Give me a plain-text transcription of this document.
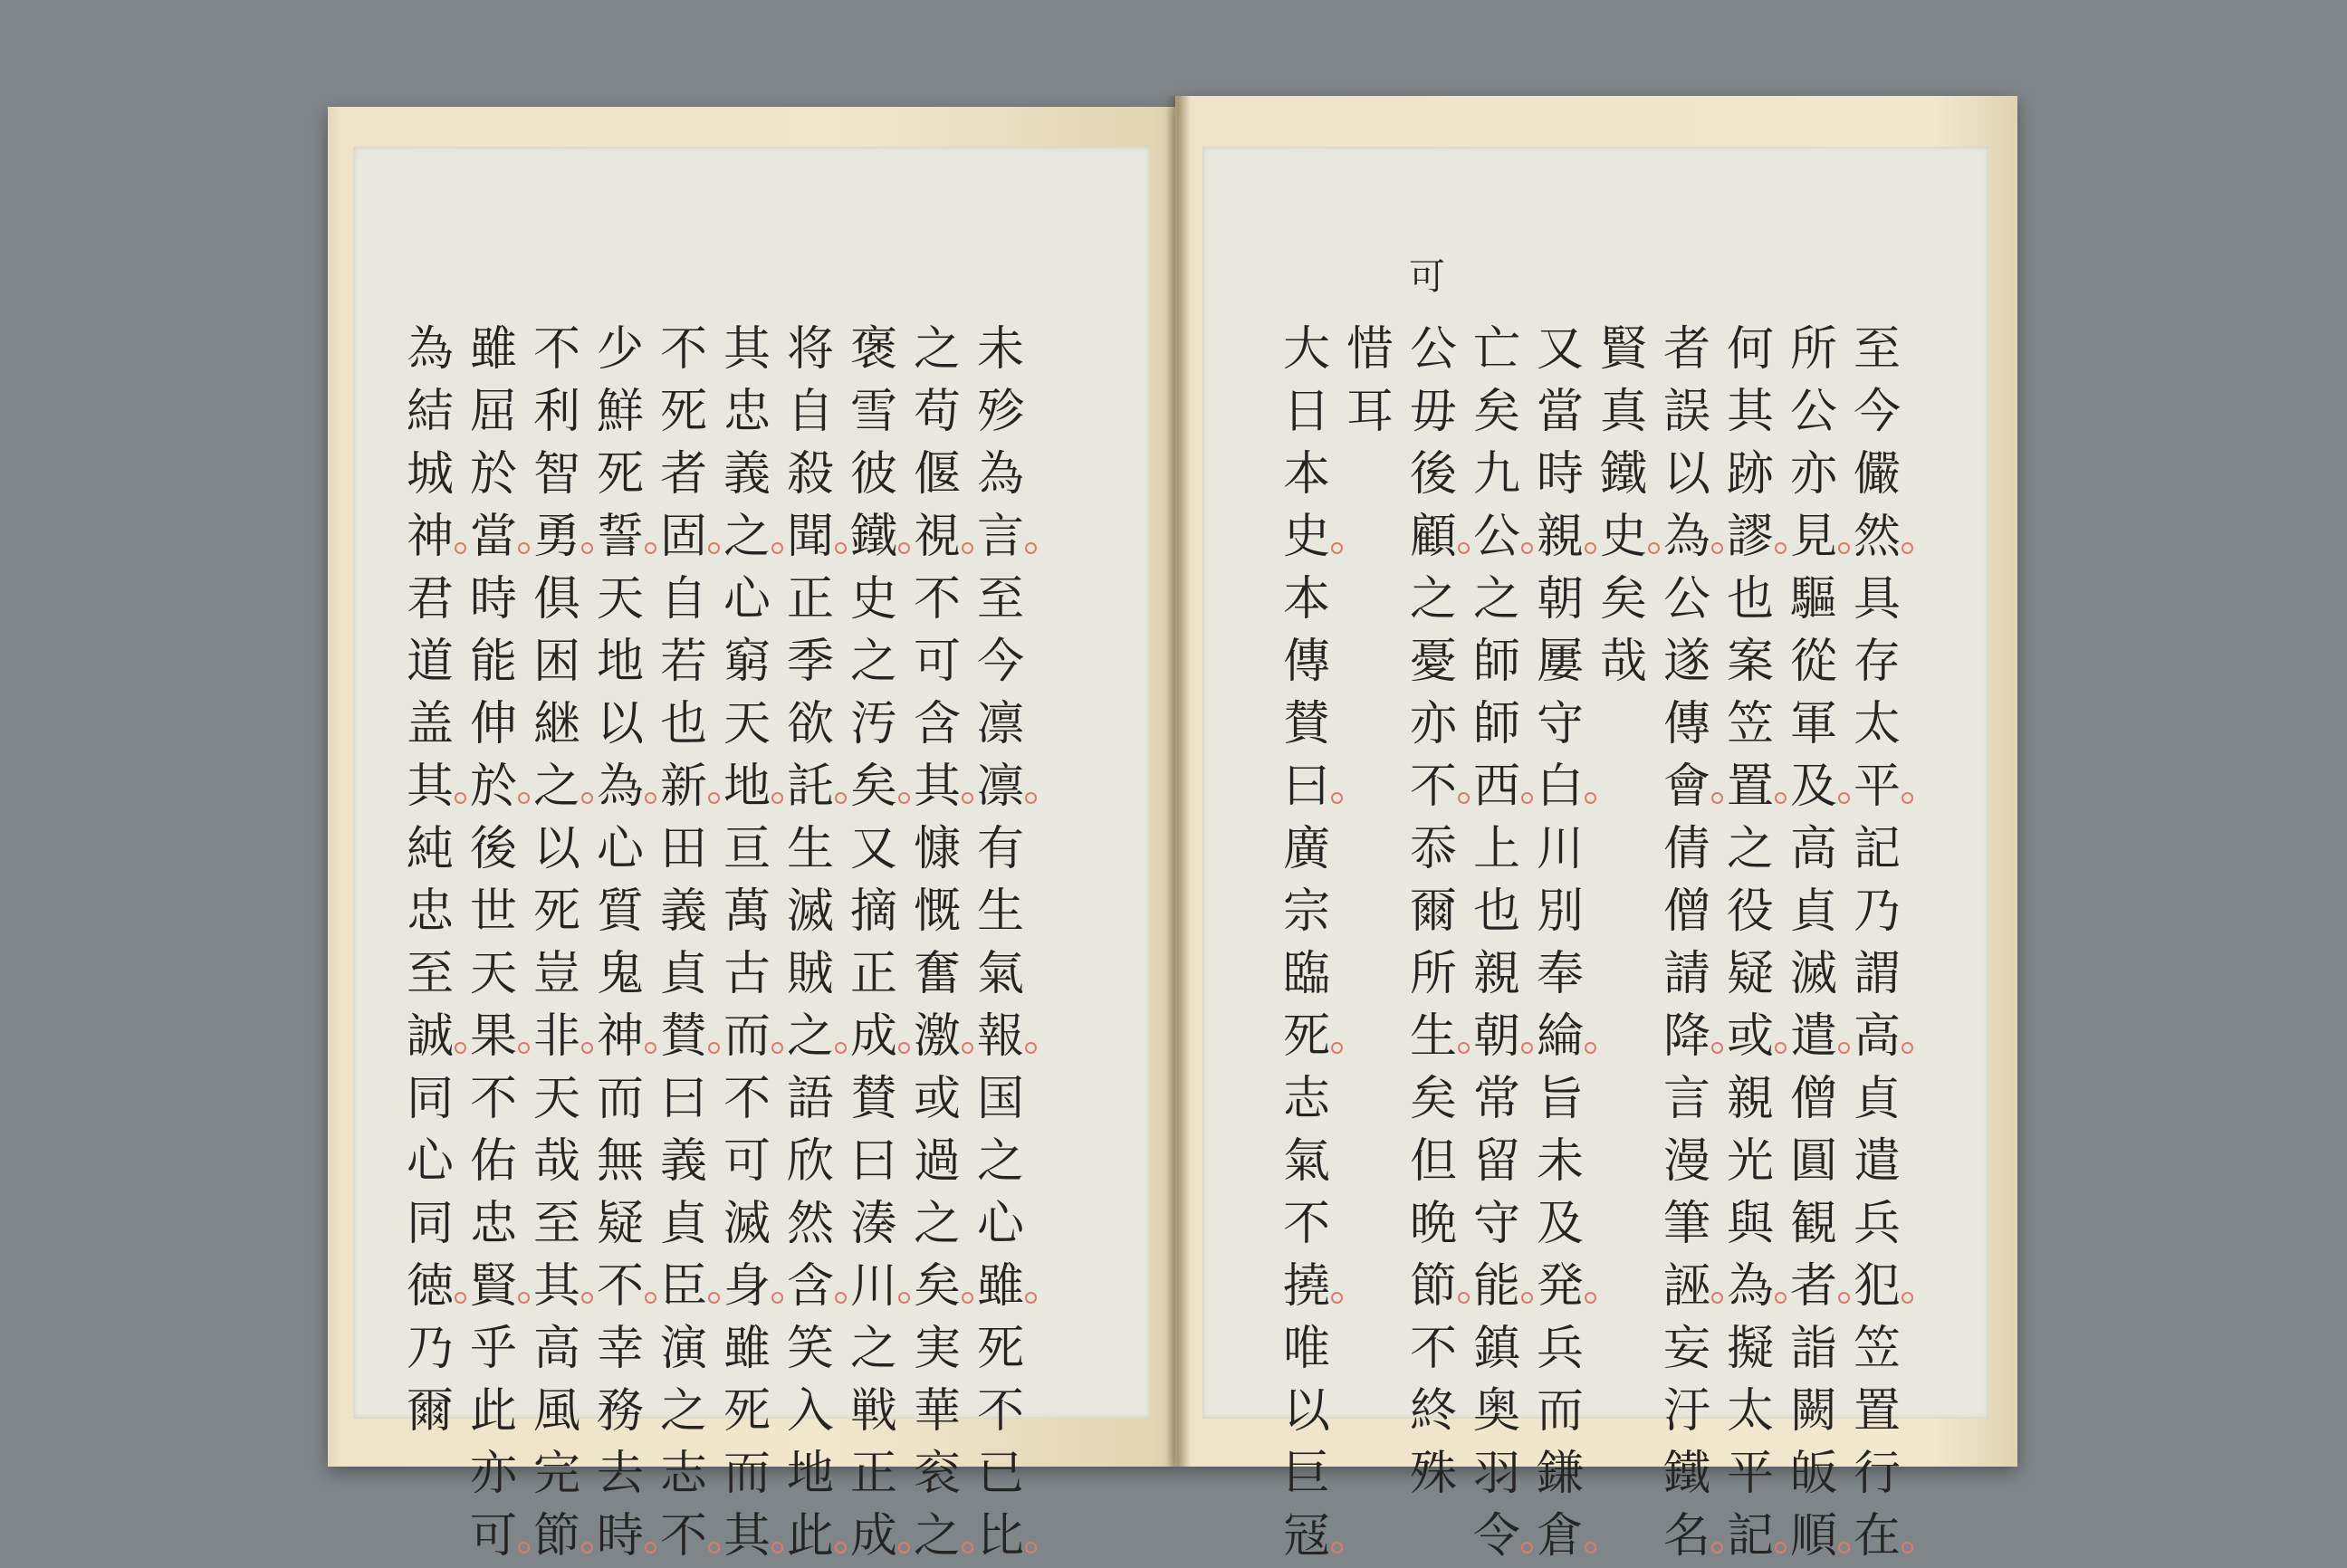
未
殄
為
言
至
今
凛
凛
有
生
氣
報
国
之
心
雖
死
不
已
比
之
苟
偃
視
不
可
含
其
慷
慨
奮
激
或
過
之
矣
実
華
衮
之
褒
雪
彼
鐵
史
之
汚
矣
又
摘
正
成
賛
曰
湊
川
之
戦
正
成
将
自
殺
聞
正
季
欲
託
生
滅
賊
之
語
欣
然
含
笑
入
地
此
其
忠
義
之
心
窮
天
地
亘
萬
古
而
不
可
滅
身
雖
死
而
其
不
死
者
固
自
若
也
新
田
義
貞
賛
曰
義
貞
臣
演
之
志
不
少
鮮
死
誓
天
地
以
為
心
質
鬼
神
而
無
疑
不
幸
務
去
時
不
利
智
勇
俱
困
継
之
以
死
豈
非
天
哉
至
其
高
風
完
節
雖
屈
於
當
時
能
伸
於
後
世
天
果
不
佑
忠
賢
乎
此
亦
可
為
結
城
神
君
道
盖
其
純
忠
至
誠
同
心
同
徳
乃
爾
至
今
儼
然
具
存
太
平
記
乃
謂
高
貞
遣
兵
犯
笠
置
行
在
所
公
亦
見
驅
從
軍
及
高
貞
滅
遣
僧
圓
観
者
詣
闕
皈
順
何
其
跡
謬
也
案
笠
置
之
役
疑
或
親
光
與
為
擬
太
平
記
者
誤
以
為
公
遂
傳
會
倩
僧
請
降
言
漫
筆
誣
妄
汙
鐵
名
賢
真
鐵
史
矣
哉
又
當
時
親
朝
屢
守
白
川
別
奉
綸
旨
未
及
発
兵
而
鎌
倉
亡
矣
九
公
之
師
師
西
上
也
親
朝
常
留
守
能
鎮
奥
羽
令
公
毋
後
顧
之
憂
亦
不
忝
爾
所
生
矣
但
晩
節
不
終
殊
惜
耳
大
日
本
史
本
傳
賛
曰
廣
宗
臨
死
志
氣
不
撓
唯
以
巨
冦
可
